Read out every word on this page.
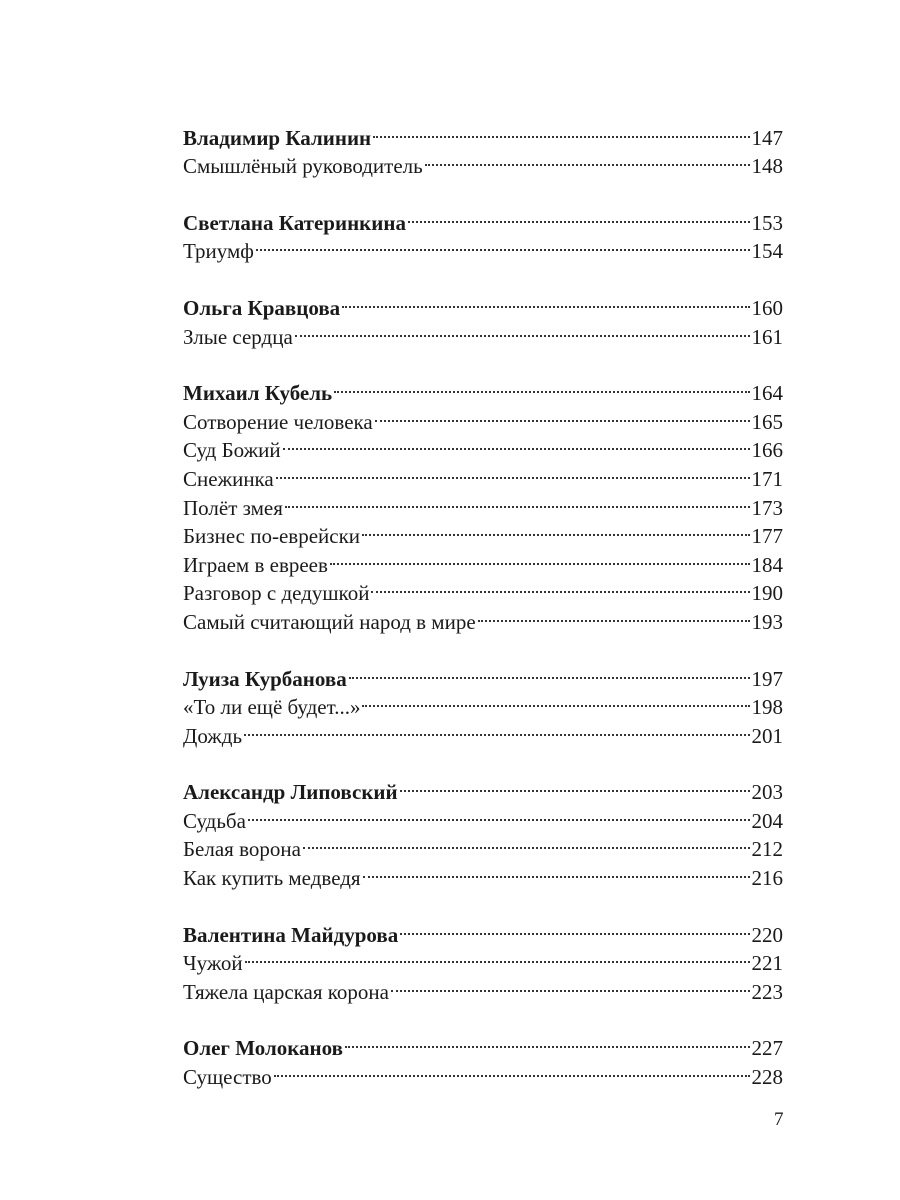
Владимир Калинин	147
Смышлёный руководитель	148
Светлана Катеринкина	153
Триумф	154
Ольга Кравцова	160
Злые сердца	161
Михаил Кубель	164
Сотворение человека	165
Суд Божий	166
Снежинка	171
Полёт змея	173
Бизнес по-еврейски	177
Играем в евреев	184
Разговор с дедушкой	190
Самый считающий народ в мире	193
Луиза Курбанова	197
«То ли ещё будет...»	198
Дождь	201
Александр Липовский	203
Судьба	204
Белая ворона	212
Как купить медведя	216
Валентина Майдурова	220
Чужой	221
Тяжела царская корона	223
Олег Молоканов	227
Существо	228
7
